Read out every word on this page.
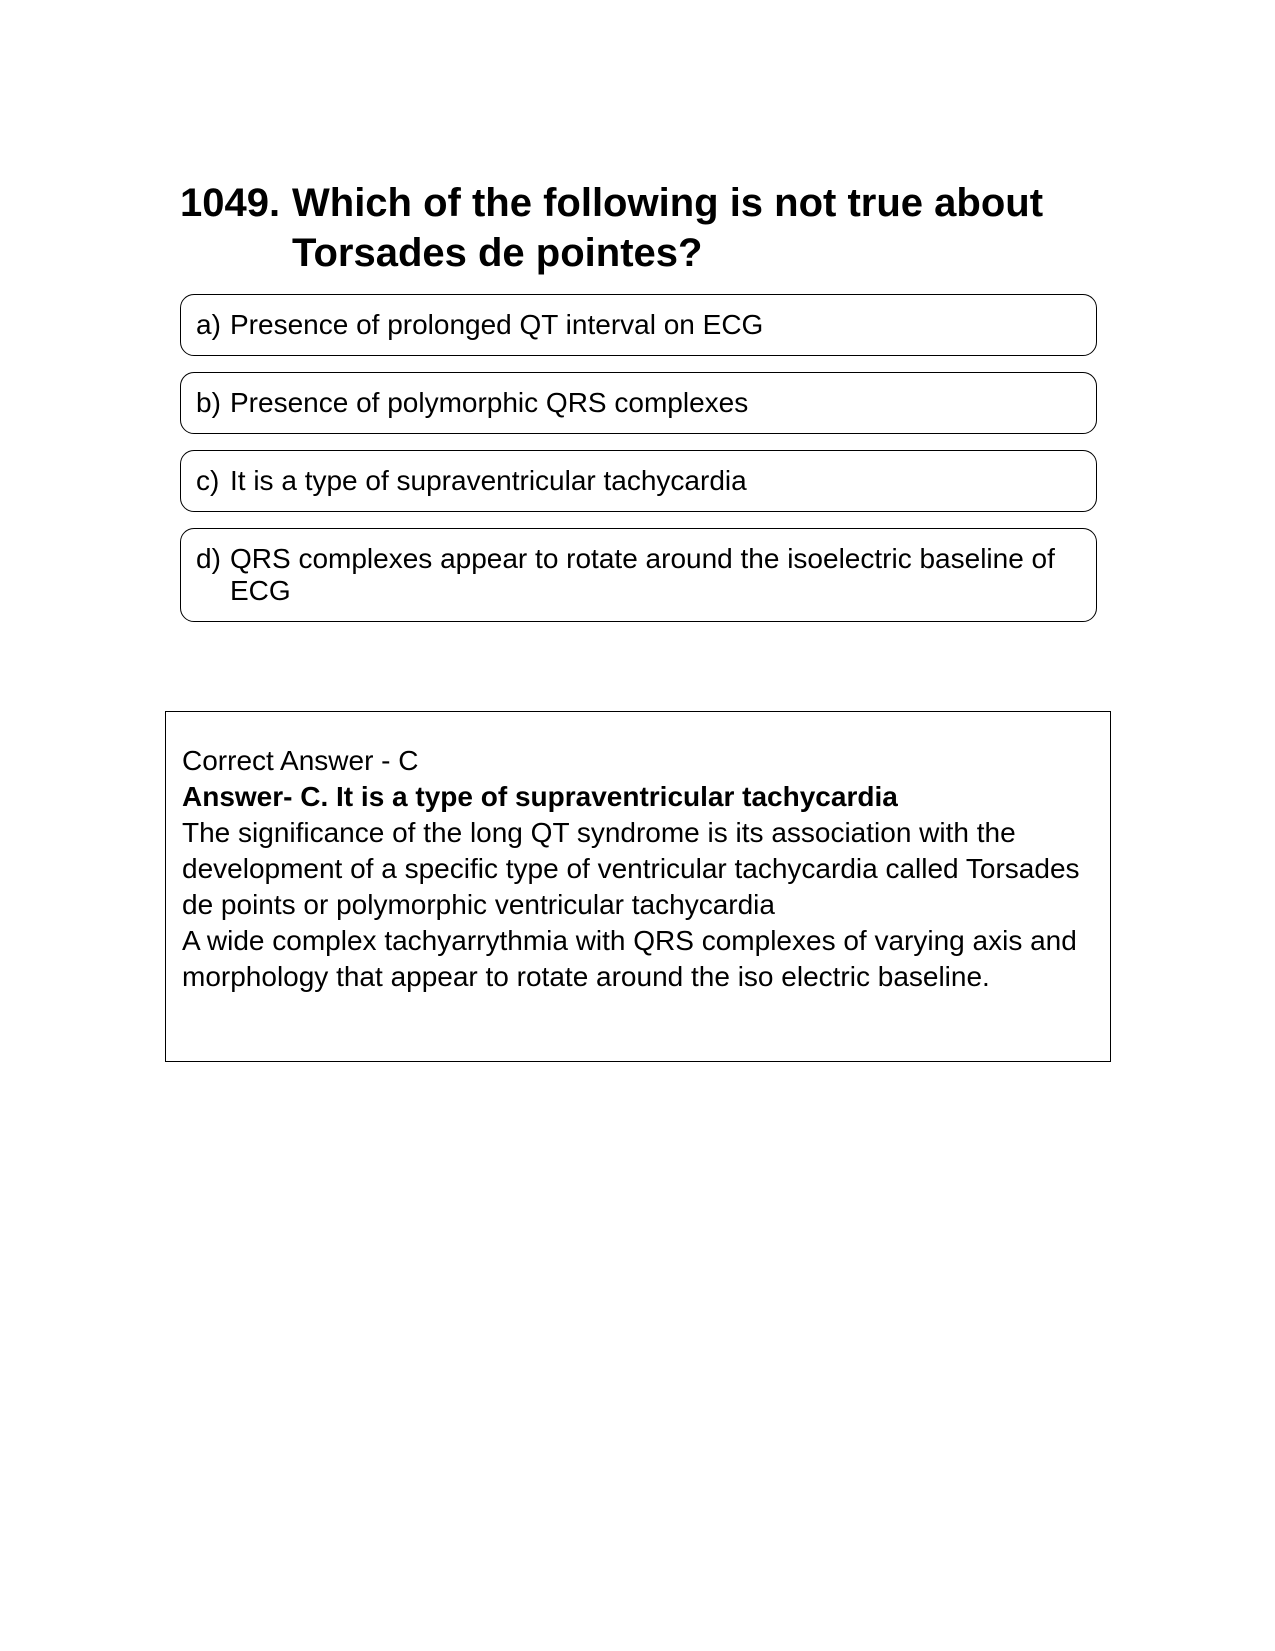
1049. Which of the following is not true about Torsades de pointes?
a) Presence of prolonged QT interval on ECG
b) Presence of polymorphic QRS complexes
c) It is a type of supraventricular tachycardia
d) QRS complexes appear to rotate around the isoelectric baseline of ECG

Correct Answer - C

Answer- C. It is a type of supraventricular tachycardia

The significance of the long QT syndrome is its association with the development of a specific type of ventricular tachycardia called Torsades de points or polymorphic ventricular tachycardia

A wide complex tachyarrythmia with QRS complexes of varying axis and morphology that appear to rotate around the iso electric baseline.
